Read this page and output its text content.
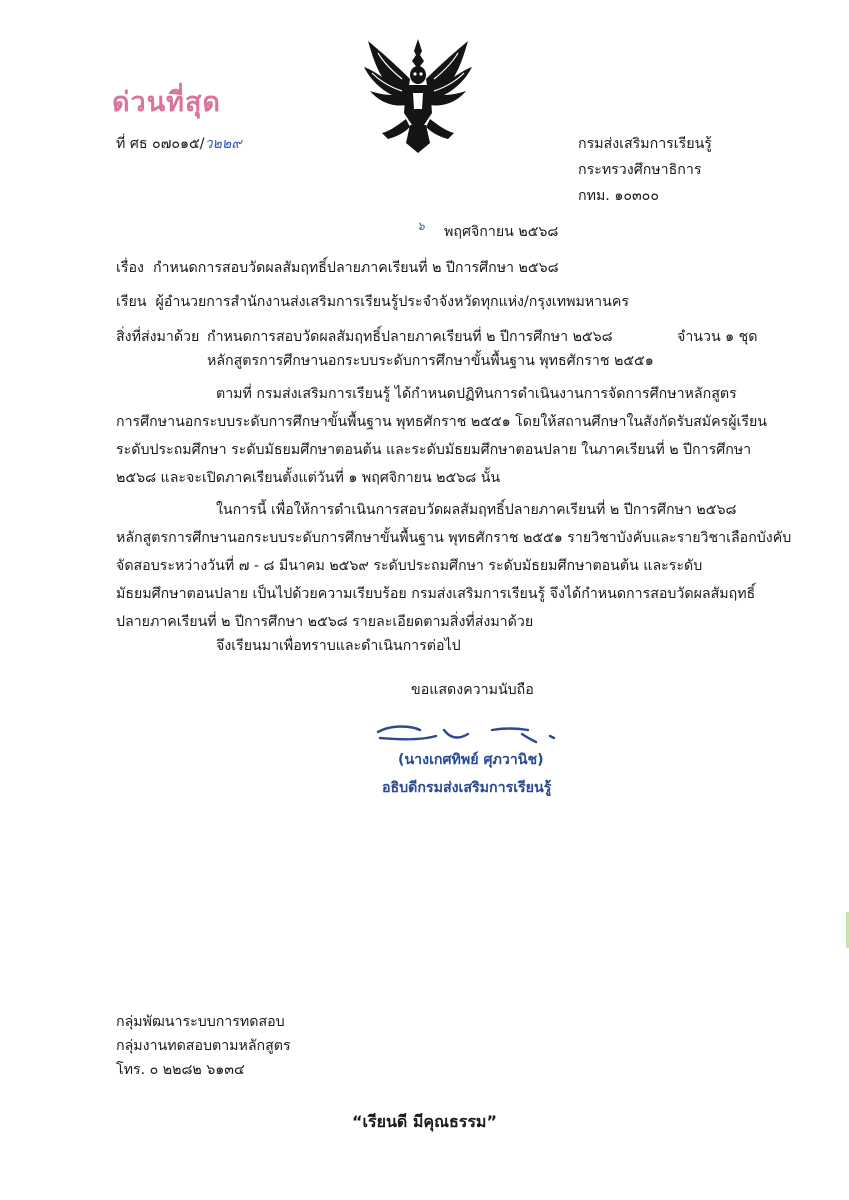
ด่วนที่สุด
ที่ ศธ ๐๗๐๑๕/ว๒๒๙	กรมส่งเสริมการเรียนรู้
กระทรวงศึกษาธิการ
กทม. ๑๐๓๐๐
๖ พฤศจิกายน ๒๕๖๘
เรื่อง กำหนดการสอบวัดผลสัมฤทธิ์ปลายภาคเรียนที่ ๒ ปีการศึกษา ๒๕๖๘
เรียน ผู้อำนวยการสำนักงานส่งเสริมการเรียนรู้ประจำจังหวัดทุกแห่ง/กรุงเทพมหานคร
สิ่งที่ส่งมาด้วย กำหนดการสอบวัดผลสัมฤทธิ์ปลายภาคเรียนที่ ๒ ปีการศึกษา ๒๕๖๘	จำนวน ๑ ชุด
หลักสูตรการศึกษานอกระบบระดับการศึกษาขั้นพื้นฐาน พุทธศักราช ๒๕๕๑
ตามที่ กรมส่งเสริมการเรียนรู้ ได้กำหนดปฏิทินการดำเนินงานการจัดการศึกษาหลักสูตร
การศึกษานอกระบบระดับการศึกษาขั้นพื้นฐาน พุทธศักราช ๒๕๕๑ โดยให้สถานศึกษาในสังกัดรับสมัครผู้เรียน
ระดับประถมศึกษา ระดับมัธยมศึกษาตอนต้น และระดับมัธยมศึกษาตอนปลาย ในภาคเรียนที่ ๒ ปีการศึกษา
๒๕๖๘ และจะเปิดภาคเรียนตั้งแต่วันที่ ๑ พฤศจิกายน ๒๕๖๘ นั้น
ในการนี้ เพื่อให้การดำเนินการสอบวัดผลสัมฤทธิ์ปลายภาคเรียนที่ ๒ ปีการศึกษา ๒๕๖๘
หลักสูตรการศึกษานอกระบบระดับการศึกษาขั้นพื้นฐาน พุทธศักราช ๒๕๕๑ รายวิชาบังคับและรายวิชาเลือกบังคับ
จัดสอบระหว่างวันที่ ๗ - ๘ มีนาคม ๒๕๖๙ ระดับประถมศึกษา ระดับมัธยมศึกษาตอนต้น และระดับ
มัธยมศึกษาตอนปลาย เป็นไปด้วยความเรียบร้อย กรมส่งเสริมการเรียนรู้ จึงได้กำหนดการสอบวัดผลสัมฤทธิ์
ปลายภาคเรียนที่ ๒ ปีการศึกษา ๒๕๖๘ รายละเอียดตามสิ่งที่ส่งมาด้วย
จึงเรียนมาเพื่อทราบและดำเนินการต่อไป
ขอแสดงความนับถือ
(นางเกศทิพย์ ศุภวานิช)
อธิบดีกรมส่งเสริมการเรียนรู้
กลุ่มพัฒนาระบบการทดสอบ
กลุ่มงานทดสอบตามหลักสูตร
โทร. ๐ ๒๒๘๒ ๖๑๓๔
“เรียนดี มีคุณธรรม”
